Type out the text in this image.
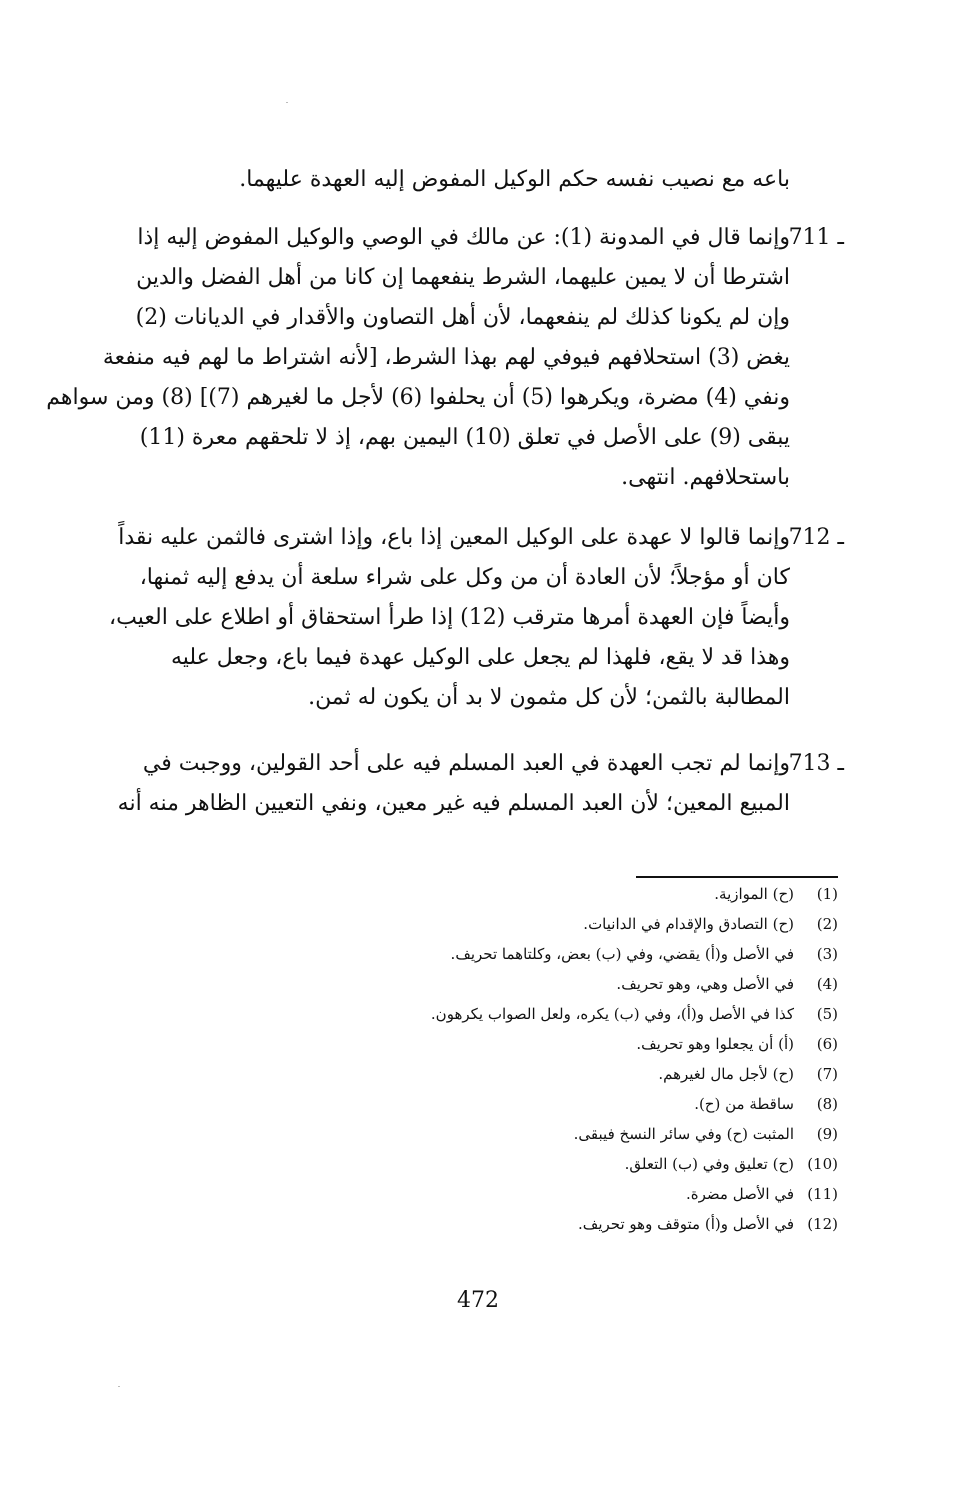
باعه مع نصيب نفسه حكم الوكيل المفوض إليه العهدة عليهما.
711 ـ
وإنما قال في المدونة (1): عن مالك في الوصي والوكيل المفوض إليه إذا
اشترطا أن لا يمين عليهما، الشرط ينفعهما إن كانا من أهل الفضل والدين
وإن لم يكونا كذلك لم ينفعهما، لأن أهل التصاون والأقدار في الديانات (2)
يغض (3) استحلافهم فيوفي لهم بهذا الشرط، [لأنه اشتراط ما لهم فيه منفعة
ونفي (4) مضرة، ويكرهوا (5) أن يحلفوا (6) لأجل ما لغيرهم (7)] (8) ومن سواهم
يبقى (9) على الأصل في تعلق (10) اليمين بهم، إذ لا تلحقهم معرة (11)
باستحلافهم. انتهى.
712 ـ
وإنما قالوا لا عهدة على الوكيل المعين إذا باع، وإذا اشترى فالثمن عليه نقداً
كان أو مؤجلاً؛ لأن العادة أن من وكل على شراء سلعة أن يدفع إليه ثمنها،
وأيضاً فإن العهدة أمرها مترقب (12) إذا طرأ استحقاق أو اطلاع على العيب،
وهذا قد لا يقع، فلهذا لم يجعل على الوكيل عهدة فيما باع، وجعل عليه
المطالبة بالثمن؛ لأن كل مثمون لا بد أن يكون له ثمن.
713 ـ
وإنما لم تجب العهدة في العبد المسلم فيه على أحد القولين، ووجبت في
المبيع المعين؛ لأن العبد المسلم فيه غير معين، ونفي التعيين الظاهر منه أنه
(1)(ح) الموازية.
(2)(ح) التصادق والإقدام في الدانيات.
(3)في الأصل و(أ) يقضي، وفي (ب) بعض، وكلتاهما تحريف.
(4)في الأصل وهي، وهو تحريف.
(5)كذا في الأصل و(أ)، وفي (ب) يكره، ولعل الصواب يكرهون.
(6)(أ) أن يجعلوا وهو تحريف.
(7)(ح) لأجل مال لغيرهم.
(8)ساقطة من (ح).
(9)المثبت (ح) وفي سائر النسخ فيبقى.
(10)(ح) تعليق وفي (ب) التعلق.
(11)في الأصل مضرة.
(12)في الأصل و(أ) متوقف وهو تحريف.
472
